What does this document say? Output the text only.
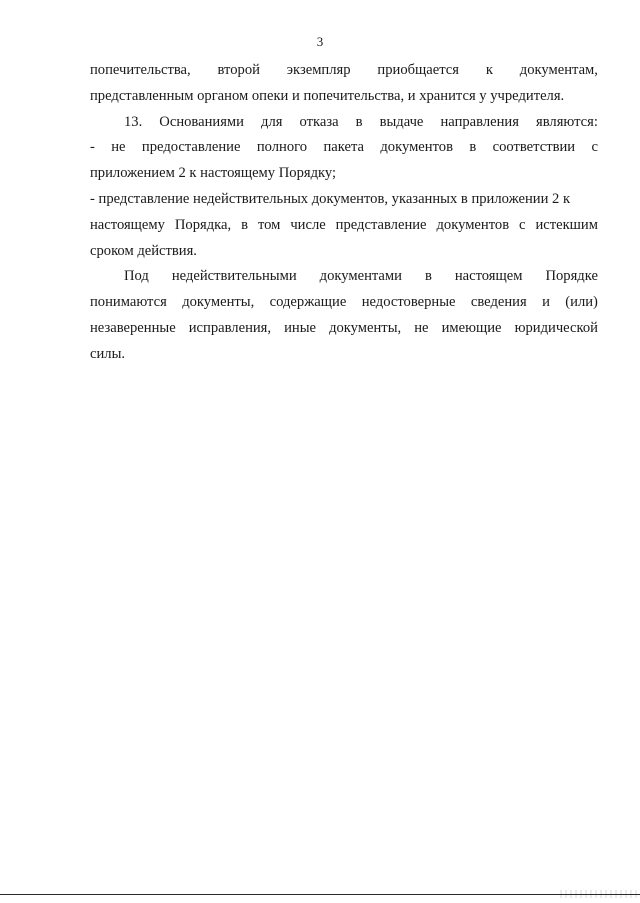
3
попечительства, второй экземпляр приобщается к документам,
представленным органом опеки и попечительства, и хранится у учредителя.
13. Основаниями для отказа в выдаче направления являются:
- не предоставление полного пакета документов в соответствии с
приложением 2 к настоящему Порядку;
- представление недействительных документов, указанных в приложении 2 к
настоящему Порядка, в том числе представление документов с истекшим
сроком действия.
Под недействительными документами в настоящем Порядке
понимаются документы, содержащие недостоверные сведения и (или)
незаверенные исправления, иные документы, не имеющие юридической
силы.
